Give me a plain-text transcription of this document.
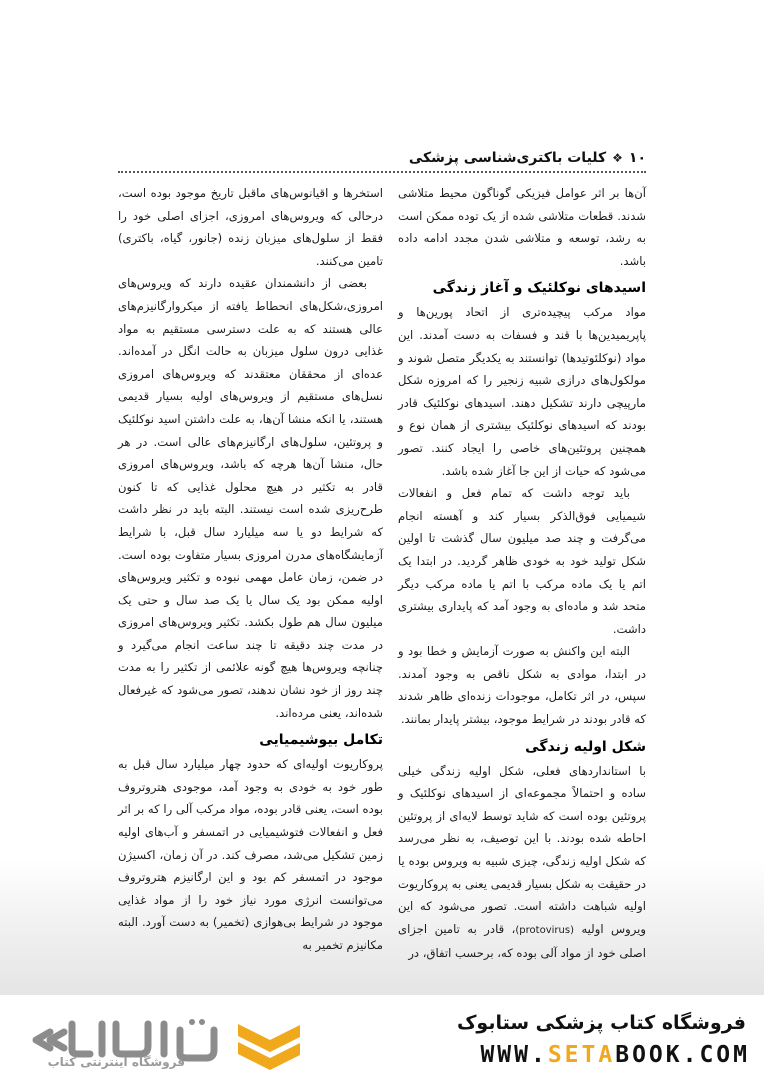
۱۰
❖
کلیات باکتری‌شناسی پزشکی

آن‌ها بر اثر عوامل فیزیکی گوناگون محیط متلاشی شدند. قطعات متلاشی شده از یک توده ممکن است به رشد، توسعه و متلاشی شدن مجدد ادامه داده باشد.

اسیدهای نوکلئیک و آغاز زندگی

مواد مرکب پیچیده‌تری از اتحاد پورین‌ها و پاپریمیدین‌ها با قند و فسفات به دست آمدند. این مواد (نوکلئوتیدها) توانستند به یکدیگر متصل شوند و مولکول‌های درازی شبیه زنجیر را که امروزه شکل مارپیچی دارند تشکیل دهند. اسیدهای نوکلئیک قادر بودند که اسیدهای نوکلئیک بیشتری از همان نوع و همچنین پروتئین‌های خاصی را ایجاد کنند. تصور می‌شود که حیات از این جا آغاز شده باشد.

باید توجه داشت که تمام فعل و انفعالات شیمیایی فوق‌الذکر بسیار کند و آهسته انجام می‌گرفت و چند صد میلیون سال گذشت تا اولین شکل تولید خود به خودی ظاهر گردید. در ابتدا یک اتم یا یک ماده مرکب با اتم یا ماده مرکب دیگر متحد شد و ماده‌ای به وجود آمد که پایداری بیشتری داشت.

البته این واکنش به صورت آزمایش و خطا بود و در ابتدا، موادی به شکل ناقص به وجود آمدند. سپس، در اثر تکامل، موجودات زنده‌ای ظاهر شدند که قادر بودند در شرایط موجود، بیشتر پایدار بمانند.

شکل اولیه زندگی

با استانداردهای فعلی، شکل اولیه زندگی خیلی ساده و احتمالاً مجموعه‌ای از اسیدهای نوکلئیک و پروتئین بوده است که شاید توسط لایه‌ای از پروتئین احاطه شده بودند. با این توصیف، به نظر می‌رسد که شکل اولیه زندگی، چیزی شبیه به ویروس بوده یا در حقیقت به شکل بسیار قدیمی یعنی به پروکاریوت اولیه شباهت داشته است. تصور می‌شود که این ویروس اولیه (protovirus)، قادر به تامین اجزای اصلی خود از مواد آلی بوده که، برحسب اتفاق، در

استخرها و اقیانوس‌های ماقبل تاریخ موجود بوده است، درحالی که ویروس‌های امروزی، اجزای اصلی خود را فقط از سلول‌های میزبان زنده (جانور، گیاه، باکتری) تامین می‌کنند.

بعضی از دانشمندان عقیده دارند که ویروس‌های امروزی،شکل‌های انحطاط یافته از میکروارگانیزم‌های عالی هستند که به علت دسترسی مستقیم به مواد غذایی درون سلول میزبان به حالت انگل در آمده‌اند. عده‌ای از محققان معتقدند که ویروس‌های امروزی نسل‌های مستقیم از ویروس‌های اولیه بسیار قدیمی هستند، یا انکه منشا آن‌ها، به علت داشتن اسید نوکلئیک و پروتئین، سلول‌های ارگانیزم‌های عالی است. در هر حال، منشا آن‌ها هرچه که باشد، ویروس‌های امروزی قادر به تکثیر در هیچ محلول غذایی که تا کنون طرح‌ریزی شده است نیستند. البته باید در نظر داشت که شرایط دو یا سه میلیارد سال قبل، با شرایط آزمایشگاه‌های مدرن امروزی بسیار متفاوت بوده است. در ضمن، زمان عامل مهمی نبوده و تکثیر ویروس‌های اولیه ممکن بود یک سال یا یک صد سال و حتی یک میلیون سال هم طول بکشد. تکثیر ویروس‌های امروزی در مدت چند دقیقه تا چند ساعت انجام می‌گیرد و چنانچه ویروس‌ها هیچ گونه علائمی از تکثیر را به مدت چند روز از خود نشان ندهند، تصور می‌شود که غیرفعال شده‌اند، یعنی مرده‌اند.

تکامل بیوشیمیایی

پروکاریوت اولیه‌ای که حدود چهار میلیارد سال قبل به طور خود به خودی به وجود آمد، موجودی هتروتروف بوده است، یعنی قادر بوده، مواد مرکب آلی را که بر اثر فعل و انفعالات فتوشیمیایی در اتمسفر و آب‌های اولیه زمین تشکیل می‌شد، مصرف کند. در آن زمان، اکسیژن موجود در اتمسفر کم بود و این ارگانیزم هتروتروف می‌توانست انرژی مورد نیاز خود را از مواد غذایی موجود در شرایط بی‌هوازی (تخمیر) به دست آورد. البته مکانیزم تخمیر به

فروشگاه کتاب پزشکی ستابوک
WWW.SETABOOK.COM
فروشگاه اینترنتی کتاب
